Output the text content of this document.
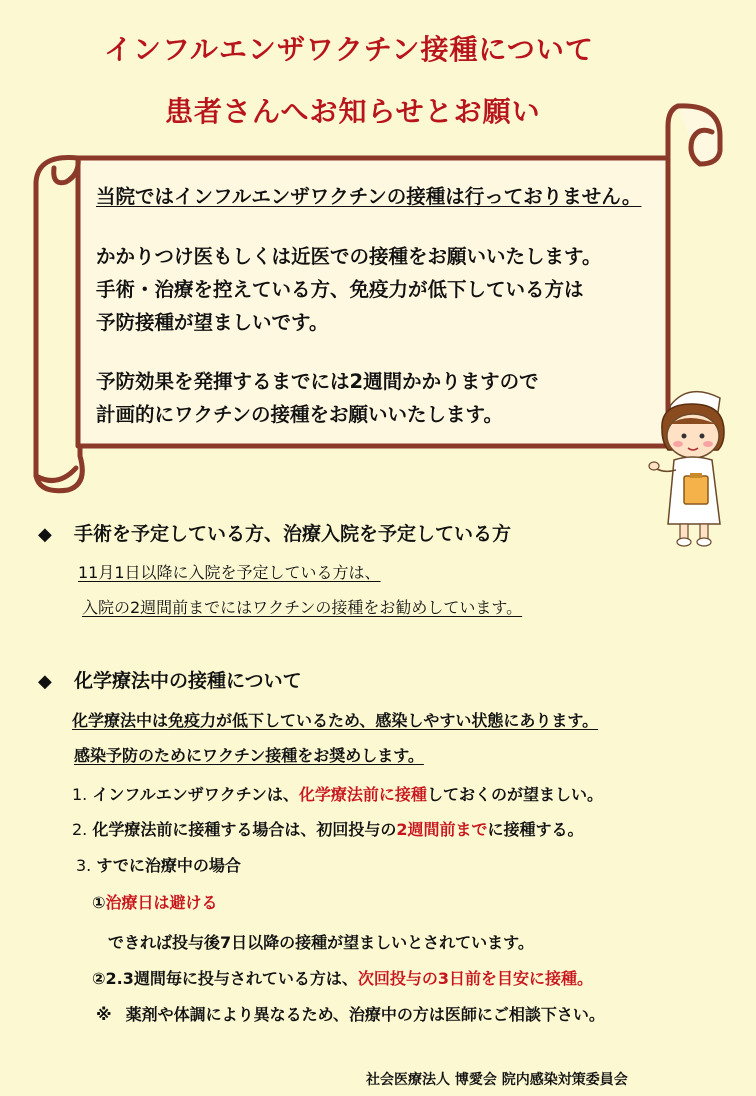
インフルエンザワクチン接種について
患者さんへお知らせとお願い
当院ではインフルエンザワクチンの接種は行っておりません。
かかりつけ医もしくは近医での接種をお願いいたします。
手術・治療を控えている方、免疫力が低下している方は
予防接種が望ましいです。
予防効果を発揮するまでには2週間かかりますので
計画的にワクチンの接種をお願いいたします。
◆ 手術を予定している方、治療入院を予定している方
11月1日以降に入院を予定している方は、
入院の2週間前までにはワクチンの接種をお勧めしています。
◆ 化学療法中の接種について
化学療法中は免疫力が低下しているため、感染しやすい状態にあります。
感染予防のためにワクチン接種をお奨めします。
1. インフルエンザワクチンは、化学療法前に接種しておくのが望ましい。
2. 化学療法前に接種する場合は、初回投与の2週間前までに接種する。
3. すでに治療中の場合
①治療日は避ける
できれば投与後7日以降の接種が望ましいとされています。
②2.3週間毎に投与されている方は、次回投与の3日前を目安に接種。
※ 薬剤や体調により異なるため、治療中の方は医師にご相談下さい。
社会医療法人 博愛会 院内感染対策委員会
